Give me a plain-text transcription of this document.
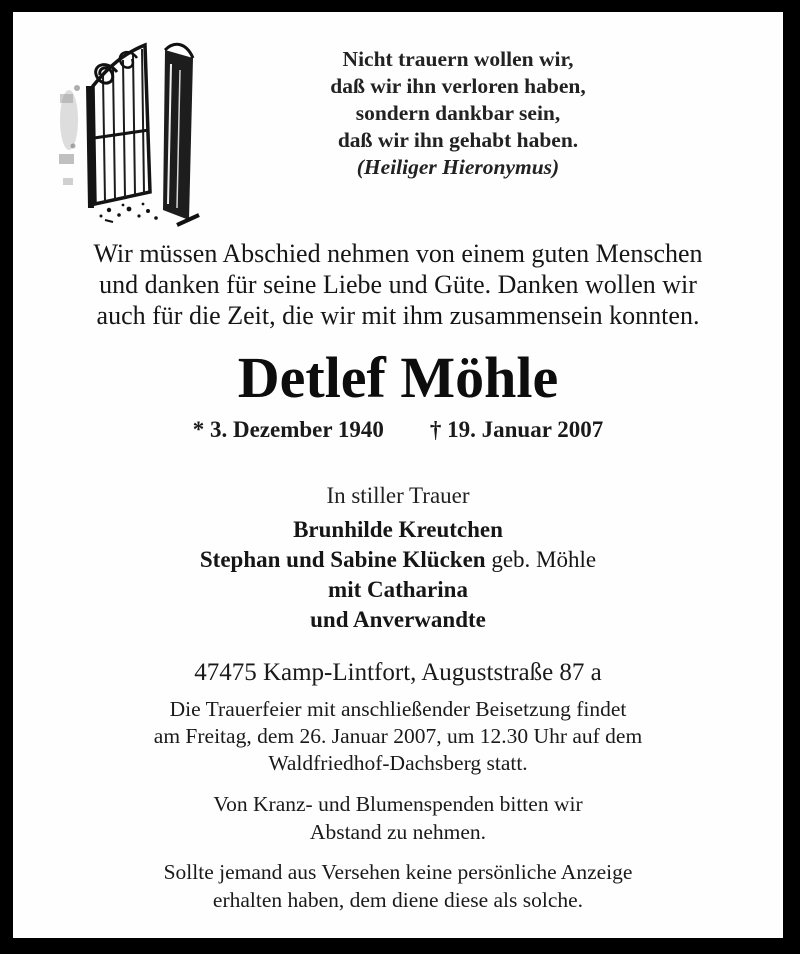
Nicht trauern wollen wir,
daß wir ihn verloren haben,
sondern dankbar sein,
daß wir ihn gehabt haben.
(Heiliger Hieronymus)
Wir müssen Abschied nehmen von einem guten Menschen
und danken für seine Liebe und Güte. Danken wollen wir
auch für die Zeit, die wir mit ihm zusammensein konnten.
Detlef Möhle
* 3. Dezember 1940 † 19. Januar 2007
In stiller Trauer
Brunhilde Kreutchen
Stephan und Sabine Klücken geb. Möhle
mit Catharina
und Anverwandte
47475 Kamp-Lintfort, Auguststraße 87 a
Die Trauerfeier mit anschließender Beisetzung findet
am Freitag, dem 26. Januar 2007, um 12.30 Uhr auf dem
Waldfriedhof-Dachsberg statt.
Von Kranz- und Blumenspenden bitten wir
Abstand zu nehmen.
Sollte jemand aus Versehen keine persönliche Anzeige
erhalten haben, dem diene diese als solche.
